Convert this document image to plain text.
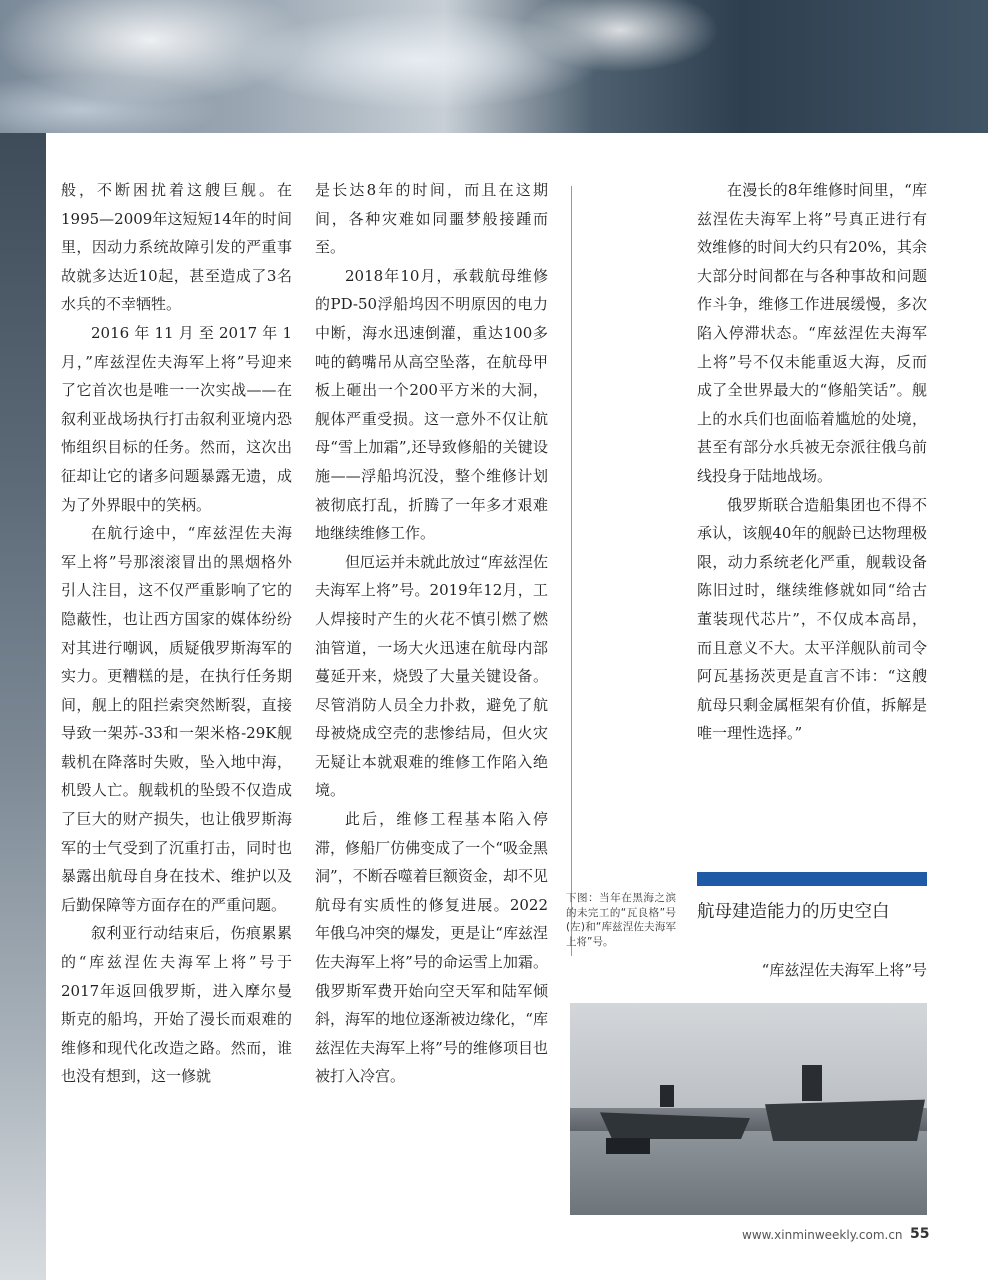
般，不断困扰着这艘巨舰。在1995—2009年这短短14年的时间里，因动力系统故障引发的严重事故就多达近10起，甚至造成了3名水兵的不幸牺牲。

2016年11月至2017年1月，”库兹涅佐夫海军上将”号迎来了它首次也是唯一一次实战——在叙利亚战场执行打击叙利亚境内恐怖组织目标的任务。然而，这次出征却让它的诸多问题暴露无遗，成为了外界眼中的笑柄。

在航行途中，“库兹涅佐夫海军上将”号那滚滚冒出的黑烟格外引人注目，这不仅严重影响了它的隐蔽性，也让西方国家的媒体纷纷对其进行嘲讽，质疑俄罗斯海军的实力。更糟糕的是，在执行任务期间，舰上的阻拦索突然断裂，直接导致一架苏-33和一架米格-29K舰载机在降落时失败，坠入地中海，机毁人亡。舰载机的坠毁不仅造成了巨大的财产损失，也让俄罗斯海军的士气受到了沉重打击，同时也暴露出航母自身在技术、维护以及后勤保障等方面存在的严重问题。

叙利亚行动结束后，伤痕累累的“库兹涅佐夫海军上将”号于2017年返回俄罗斯，进入摩尔曼斯克的船坞，开始了漫长而艰难的维修和现代化改造之路。然而，谁也没有想到，这一修就

是长达8年的时间，而且在这期间，各种灾难如同噩梦般接踵而至。

2018年10月，承载航母维修的PD-50浮船坞因不明原因的电力中断，海水迅速倒灌，重达100多吨的鹤嘴吊从高空坠落，在航母甲板上砸出一个200平方米的大洞，舰体严重受损。这一意外不仅让航母“雪上加霜”,还导致修船的关键设施——浮船坞沉没，整个维修计划被彻底打乱，折腾了一年多才艰难地继续维修工作。

但厄运并未就此放过“库兹涅佐夫海军上将”号。2019年12月，工人焊接时产生的火花不慎引燃了燃油管道，一场大火迅速在航母内部蔓延开来，烧毁了大量关键设备。尽管消防人员全力扑救，避免了航母被烧成空壳的悲惨结局，但火灾无疑让本就艰难的维修工作陷入绝境。

此后，维修工程基本陷入停滞，修船厂仿佛变成了一个“吸金黑洞”，不断吞噬着巨额资金，却不见航母有实质性的修复进展。2022年俄乌冲突的爆发，更是让“库兹涅佐夫海军上将”号的命运雪上加霜。俄罗斯军费开始向空天军和陆军倾斜，海军的地位逐渐被边缘化，“库兹涅佐夫海军上将”号的维修项目也被打入冷宫。

在漫长的8年维修时间里，“库兹涅佐夫海军上将”号真正进行有效维修的时间大约只有20%，其余大部分时间都在与各种事故和问题作斗争，维修工作进展缓慢，多次陷入停滞状态。“库兹涅佐夫海军上将”号不仅未能重返大海，反而成了全世界最大的“修船笑话”。舰上的水兵们也面临着尴尬的处境，甚至有部分水兵被无奈派往俄乌前线投身于陆地战场。

俄罗斯联合造船集团也不得不承认，该舰40年的舰龄已达物理极限，动力系统老化严重，舰载设备陈旧过时，继续维修就如同“给古董装现代芯片”，不仅成本高昂，而且意义不大。太平洋舰队前司令阿瓦基扬茨更是直言不讳：“这艘航母只剩金属框架有价值，拆解是唯一理性选择。”

下图：当年在黑海之滨的未完工的“瓦良格”号(左)和“库兹涅佐夫海军上将”号。
航母建造能力的历史空白
“库兹涅佐夫海军上将”号
www.xinminweekly.com.cn 55
